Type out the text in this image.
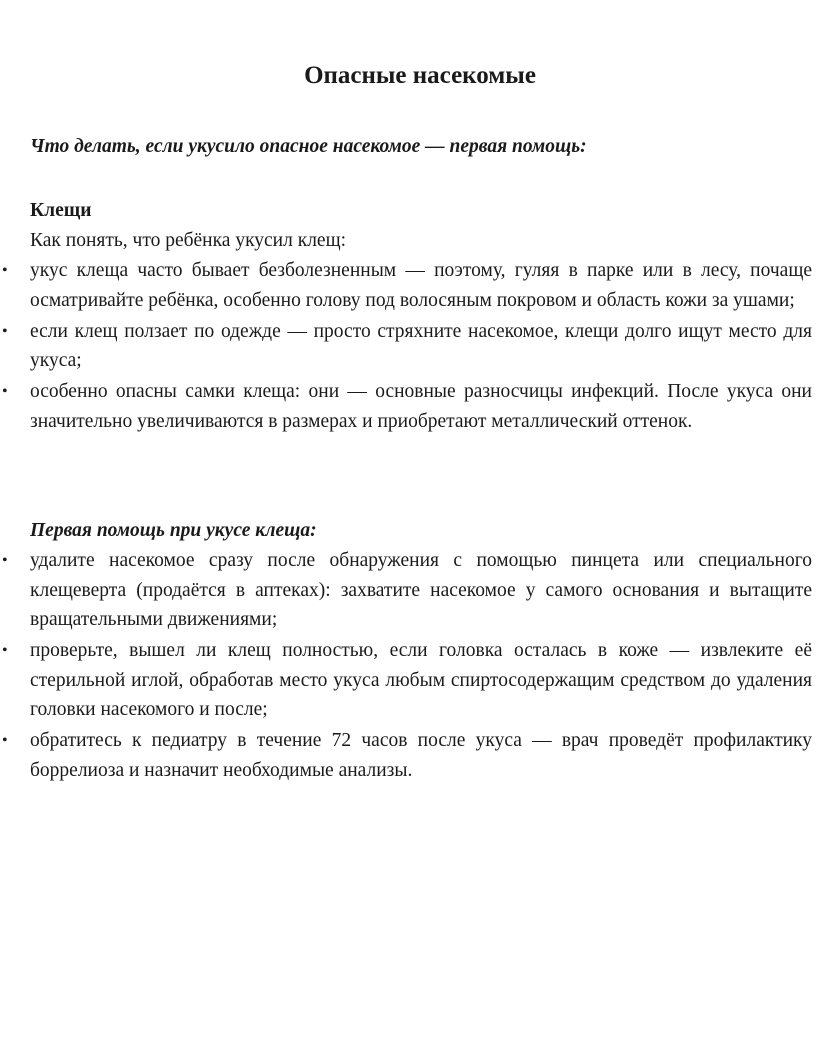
Опасные насекомые
Что делать, если укусило опасное насекомое — первая помощь:
Клещи
Как понять, что ребёнка укусил клещ:
• укус клеща часто бывает безболезненным — поэтому, гуляя в парке или в лесу, почаще осматривайте ребёнка, особенно голову под волосяным покровом и область кожи за ушами;
• если клещ ползает по одежде — просто стряхните насекомое, клещи долго ищут место для укуса;
• особенно опасны самки клеща: они — основные разносчицы инфекций. После укуса они значительно увеличиваются в размерах и приобретают металлический оттенок.
Первая помощь при укусе клеща:
• удалите насекомое сразу после обнаружения с помощью пинцета или специального клещеверта (продаётся в аптеках): захватите насекомое у самого основания и вытащите вращательными движениями;
• проверьте, вышел ли клещ полностью, если головка осталась в коже — извлеките её стерильной иглой, обработав место укуса любым спиртосодержащим средством до удаления головки насекомого и после;
• обратитесь к педиатру в течение 72 часов после укуса — врач проведёт профилактику боррелиоза и назначит необходимые анализы.
